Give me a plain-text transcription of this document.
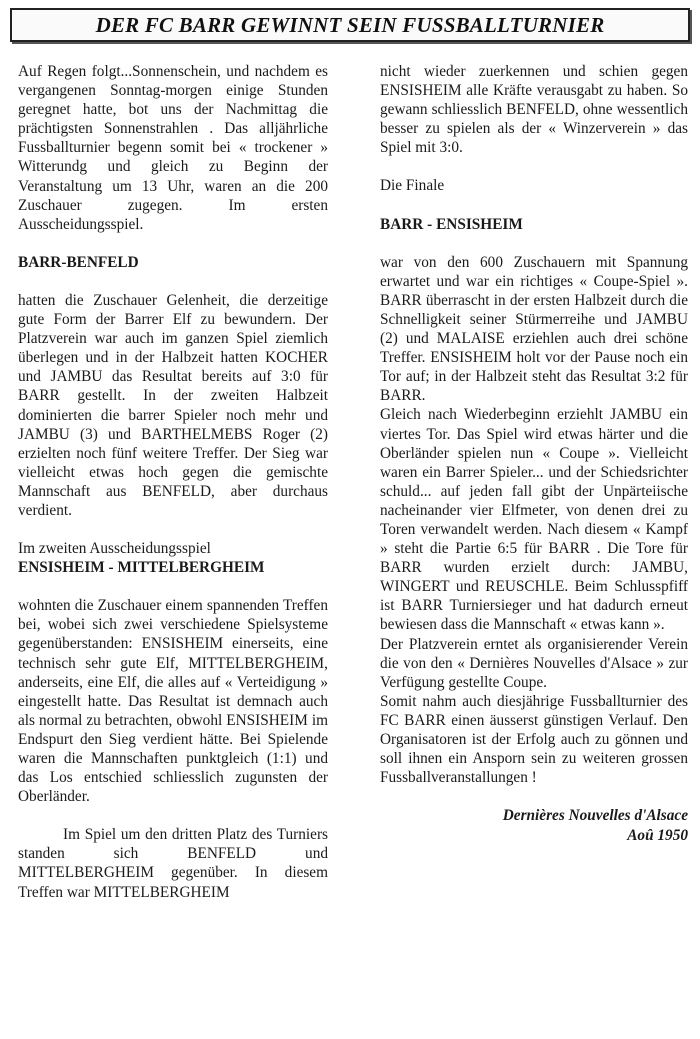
DER FC BARR GEWINNT SEIN FUSSBALLTURNIER

Auf Regen folgt...Sonnenschein, und nachdem es vergangenen Sonntag-morgen einige Stunden geregnet hatte, bot uns der Nachmittag die prächtigsten Sonnenstrahlen . Das alljährliche Fussballturnier begenn somit bei « trockener » Witterundg und gleich zu Beginn der Veranstaltung um 13 Uhr, waren an die 200 Zuschauer zugegen. Im ersten Ausscheidungsspiel.

BARR-BENFELD

hatten die Zuschauer Gelenheit, die derzeitige gute Form der Barrer Elf zu bewundern. Der Platzverein war auch im ganzen Spiel ziemlich überlegen und in der Halbzeit hatten KOCHER und JAMBU das Resultat bereits auf 3:0 für BARR gestellt. In der zweiten Halbzeit dominierten die barrer Spieler noch mehr und JAMBU (3) und BARTHELMEBS Roger (2) erzielten noch fünf weitere Treffer. Der Sieg war vielleicht etwas hoch gegen die gemischte Mannschaft aus BENFELD, aber durchaus verdient.

Im zweiten Ausscheidungsspiel

ENSISHEIM - MITTELBERGHEIM

wohnten die Zuschauer einem spannenden Treffen bei, wobei sich zwei verschiedene Spielsysteme gegenüberstanden: ENSISHEIM einerseits, eine technisch sehr gute Elf, MITTELBERGHEIM, anderseits, eine Elf, die alles auf « Verteidigung » eingestellt hatte. Das Resultat ist demnach auch als normal zu betrachten, obwohl ENSISHEIM im Endspurt den Sieg verdient hätte. Bei Spielende waren die Mannschaften punktgleich (1:1) und das Los entschied schliesslich zugunsten der Oberländer.

Im Spiel um den dritten Platz des Turniers standen sich BENFELD und MITTELBERGHEIM gegenüber. In diesem Treffen war MITTELBERGHEIM

nicht wieder zuerkennen und schien gegen ENSISHEIM alle Kräfte verausgabt zu haben. So gewann schliesslich BENFELD, ohne wessentlich besser zu spielen als der « Winzerverein » das Spiel mit 3:0.

Die Finale

BARR - ENSISHEIM

war von den 600 Zuschauern mit Spannung erwartet und war ein richtiges « Coupe-Spiel ». BARR überrascht in der ersten Halbzeit durch die Schnelligkeit seiner Stürmerreihe und JAMBU (2) und MALAISE erziehlen auch drei schöne Treffer. ENSISHEIM holt vor der Pause noch ein Tor auf; in der Halbzeit steht das Resultat 3:2 für BARR.

Gleich nach Wiederbeginn erziehlt JAMBU ein viertes Tor. Das Spiel wird etwas härter und die Oberländer spielen nun « Coupe ». Vielleicht waren ein Barrer Spieler... und der Schiedsrichter schuld... auf jeden fall gibt der Unpärteiische nacheinander vier Elfmeter, von denen drei zu Toren verwandelt werden. Nach diesem « Kampf » steht die Partie 6:5 für BARR . Die Tore für BARR wurden erzielt durch: JAMBU, WINGERT und REUSCHLE. Beim Schlusspfiff ist BARR Turniersieger und hat dadurch erneut bewiesen dass die Mannschaft « etwas kann ».

Der Platzverein erntet als organisierender Verein die von den « Dernières Nouvelles d'Alsace » zur Verfügung gestellte Coupe.

Somit nahm auch diesjährige Fussballturnier des FC BARR einen äusserst günstigen Verlauf. Den Organisatoren ist der Erfolg auch zu gönnen und soll ihnen ein Ansporn sein zu weiteren grossen Fussballveranstallungen !

Dernières Nouvelles d'Alsace
Aoû 1950
